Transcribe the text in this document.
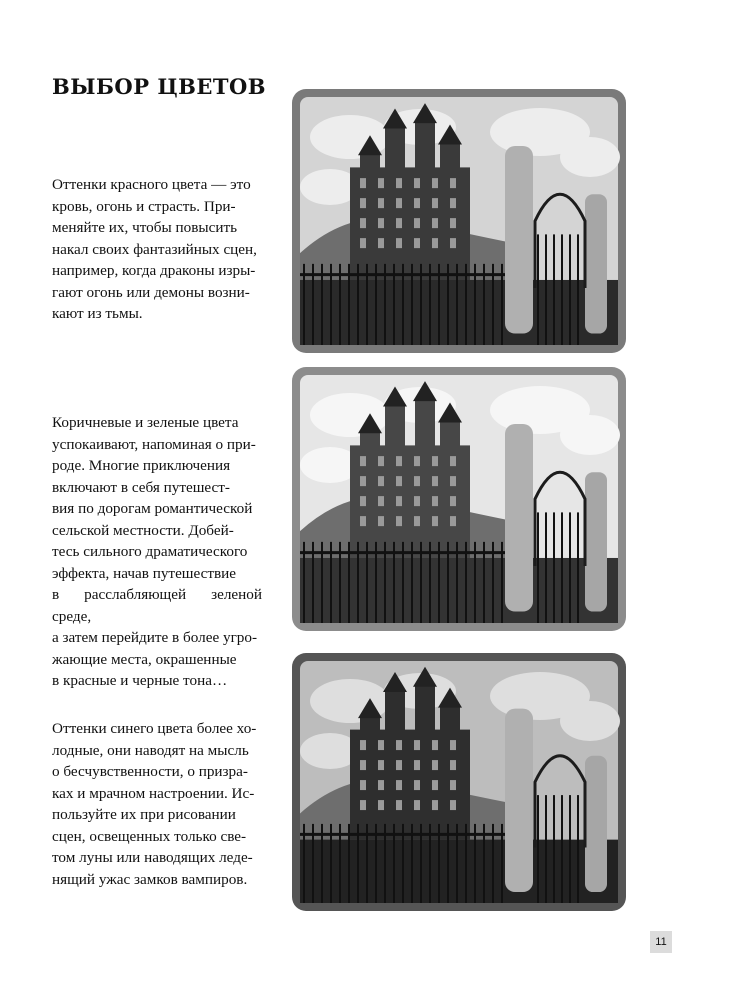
ВЫБОР ЦВЕТОВ

Оттенки красного цвета — это
кровь, огонь и страсть. При-
меняйте их, чтобы повысить
накал своих фантазийных сцен,
например, когда драконы изры-
гают огонь или демоны возни-
кают из тьмы.

Коричневые и зеленые цвета
успокаивают, напоминая о при-
роде. Многие приключения
включают в себя путешест-
вия по дорогам романтической
сельской местности. Добей-
тесь сильного драматического
эффекта, начав путешествие
в расслабляющей зеленой среде,
а затем перейдите в более угро-
жающие места, окрашенные
в красные и черные тона…

Оттенки синего цвета более хо-
лодные, они наводят на мысль
о бесчувственности, о призра-
ках и мрачном настроении. Ис-
пользуйте их при рисовании
сцен, освещенных только све-
том луны или наводящих леде-
нящий ужас замков вампиров.

11
